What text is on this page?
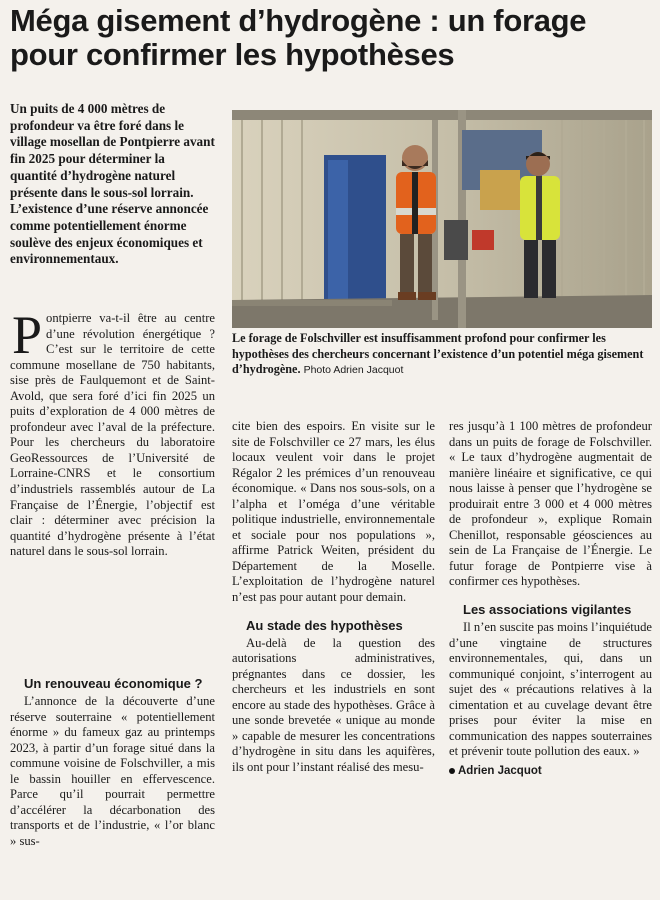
Méga gisement d’hydrogène : un forage pour confirmer les hypothèses

Un puits de 4 000 mètres de profondeur va être foré dans le village mosellan de Pontpierre avant fin 2025 pour déterminer la quantité d’hydrogène naturel présente dans le sous-sol lorrain. L’existence d’une réserve annoncée comme potentiellement énorme soulève des enjeux économiques et environnementaux.

Le forage de Folschviller est insuffisamment profond pour confirmer les hypothèses des chercheurs concernant l’existence d’un potentiel méga gisement d’hydrogène. Photo Adrien Jacquot

Pontpierre va-t-il être au centre d’une révolution énergétique ? C’est sur le territoire de cette commune mosellane de 750 habitants, sise près de Faulquemont et de Saint-Avold, que sera foré d’ici fin 2025 un puits d’exploration de 4 000 mètres de profondeur avec l’aval de la préfecture. Pour les chercheurs du laboratoire GeoRessources de l’Université de Lorraine-CNRS et le consortium d’industriels rassemblés autour de La Française de l’Énergie, l’objectif est clair : déterminer avec précision la quantité d’hydrogène présente à l’état naturel dans le sous-sol lorrain.

Un renouveau économique ?

L’annonce de la découverte d’une réserve souterraine « potentiellement énorme » du fameux gaz au printemps 2023, à partir d’un forage situé dans la commune voisine de Folschviller, a mis le bassin houiller en effervescence. Parce qu’il pourrait permettre d’accélérer la décarbonation des transports et de l’industrie, « l’or blanc » sus-

cite bien des espoirs. En visite sur le site de Folschviller ce 27 mars, les élus locaux veulent voir dans le projet Régalor 2 les prémices d’un renouveau économique. « Dans nos sous-sols, on a l’alpha et l’oméga d’une véritable politique industrielle, environnementale et sociale pour nos populations », affirme Patrick Weiten, président du Département de la Moselle. L’exploitation de l’hydrogène naturel n’est pas pour autant pour demain.

Au stade des hypothèses

Au-delà de la question des autorisations administratives, prégnantes dans ce dossier, les chercheurs et les industriels en sont encore au stade des hypothèses. Grâce à une sonde brevetée « unique au monde » capable de mesurer les concentrations d’hydrogène in situ dans les aquifères, ils ont pour l’instant réalisé des mesu-

res jusqu’à 1 100 mètres de profondeur dans un puits de forage de Folschviller. « Le taux d’hydrogène augmentait de manière linéaire et significative, ce qui nous laisse à penser que l’hydrogène se produirait entre 3 000 et 4 000 mètres de profondeur », explique Romain Chenillot, responsable géosciences au sein de La Française de l’Énergie. Le futur forage de Pontpierre vise à confirmer ces hypothèses.

Les associations vigilantes

Il n’en suscite pas moins l’inquiétude d’une vingtaine de structures environnementales, qui, dans un communiqué conjoint, s’interrogent au sujet des « précautions relatives à la cimentation et au cuvelage devant être prises pour éviter la mise en communication des nappes souterraines et prévenir toute pollution des eaux. »

Adrien Jacquot
